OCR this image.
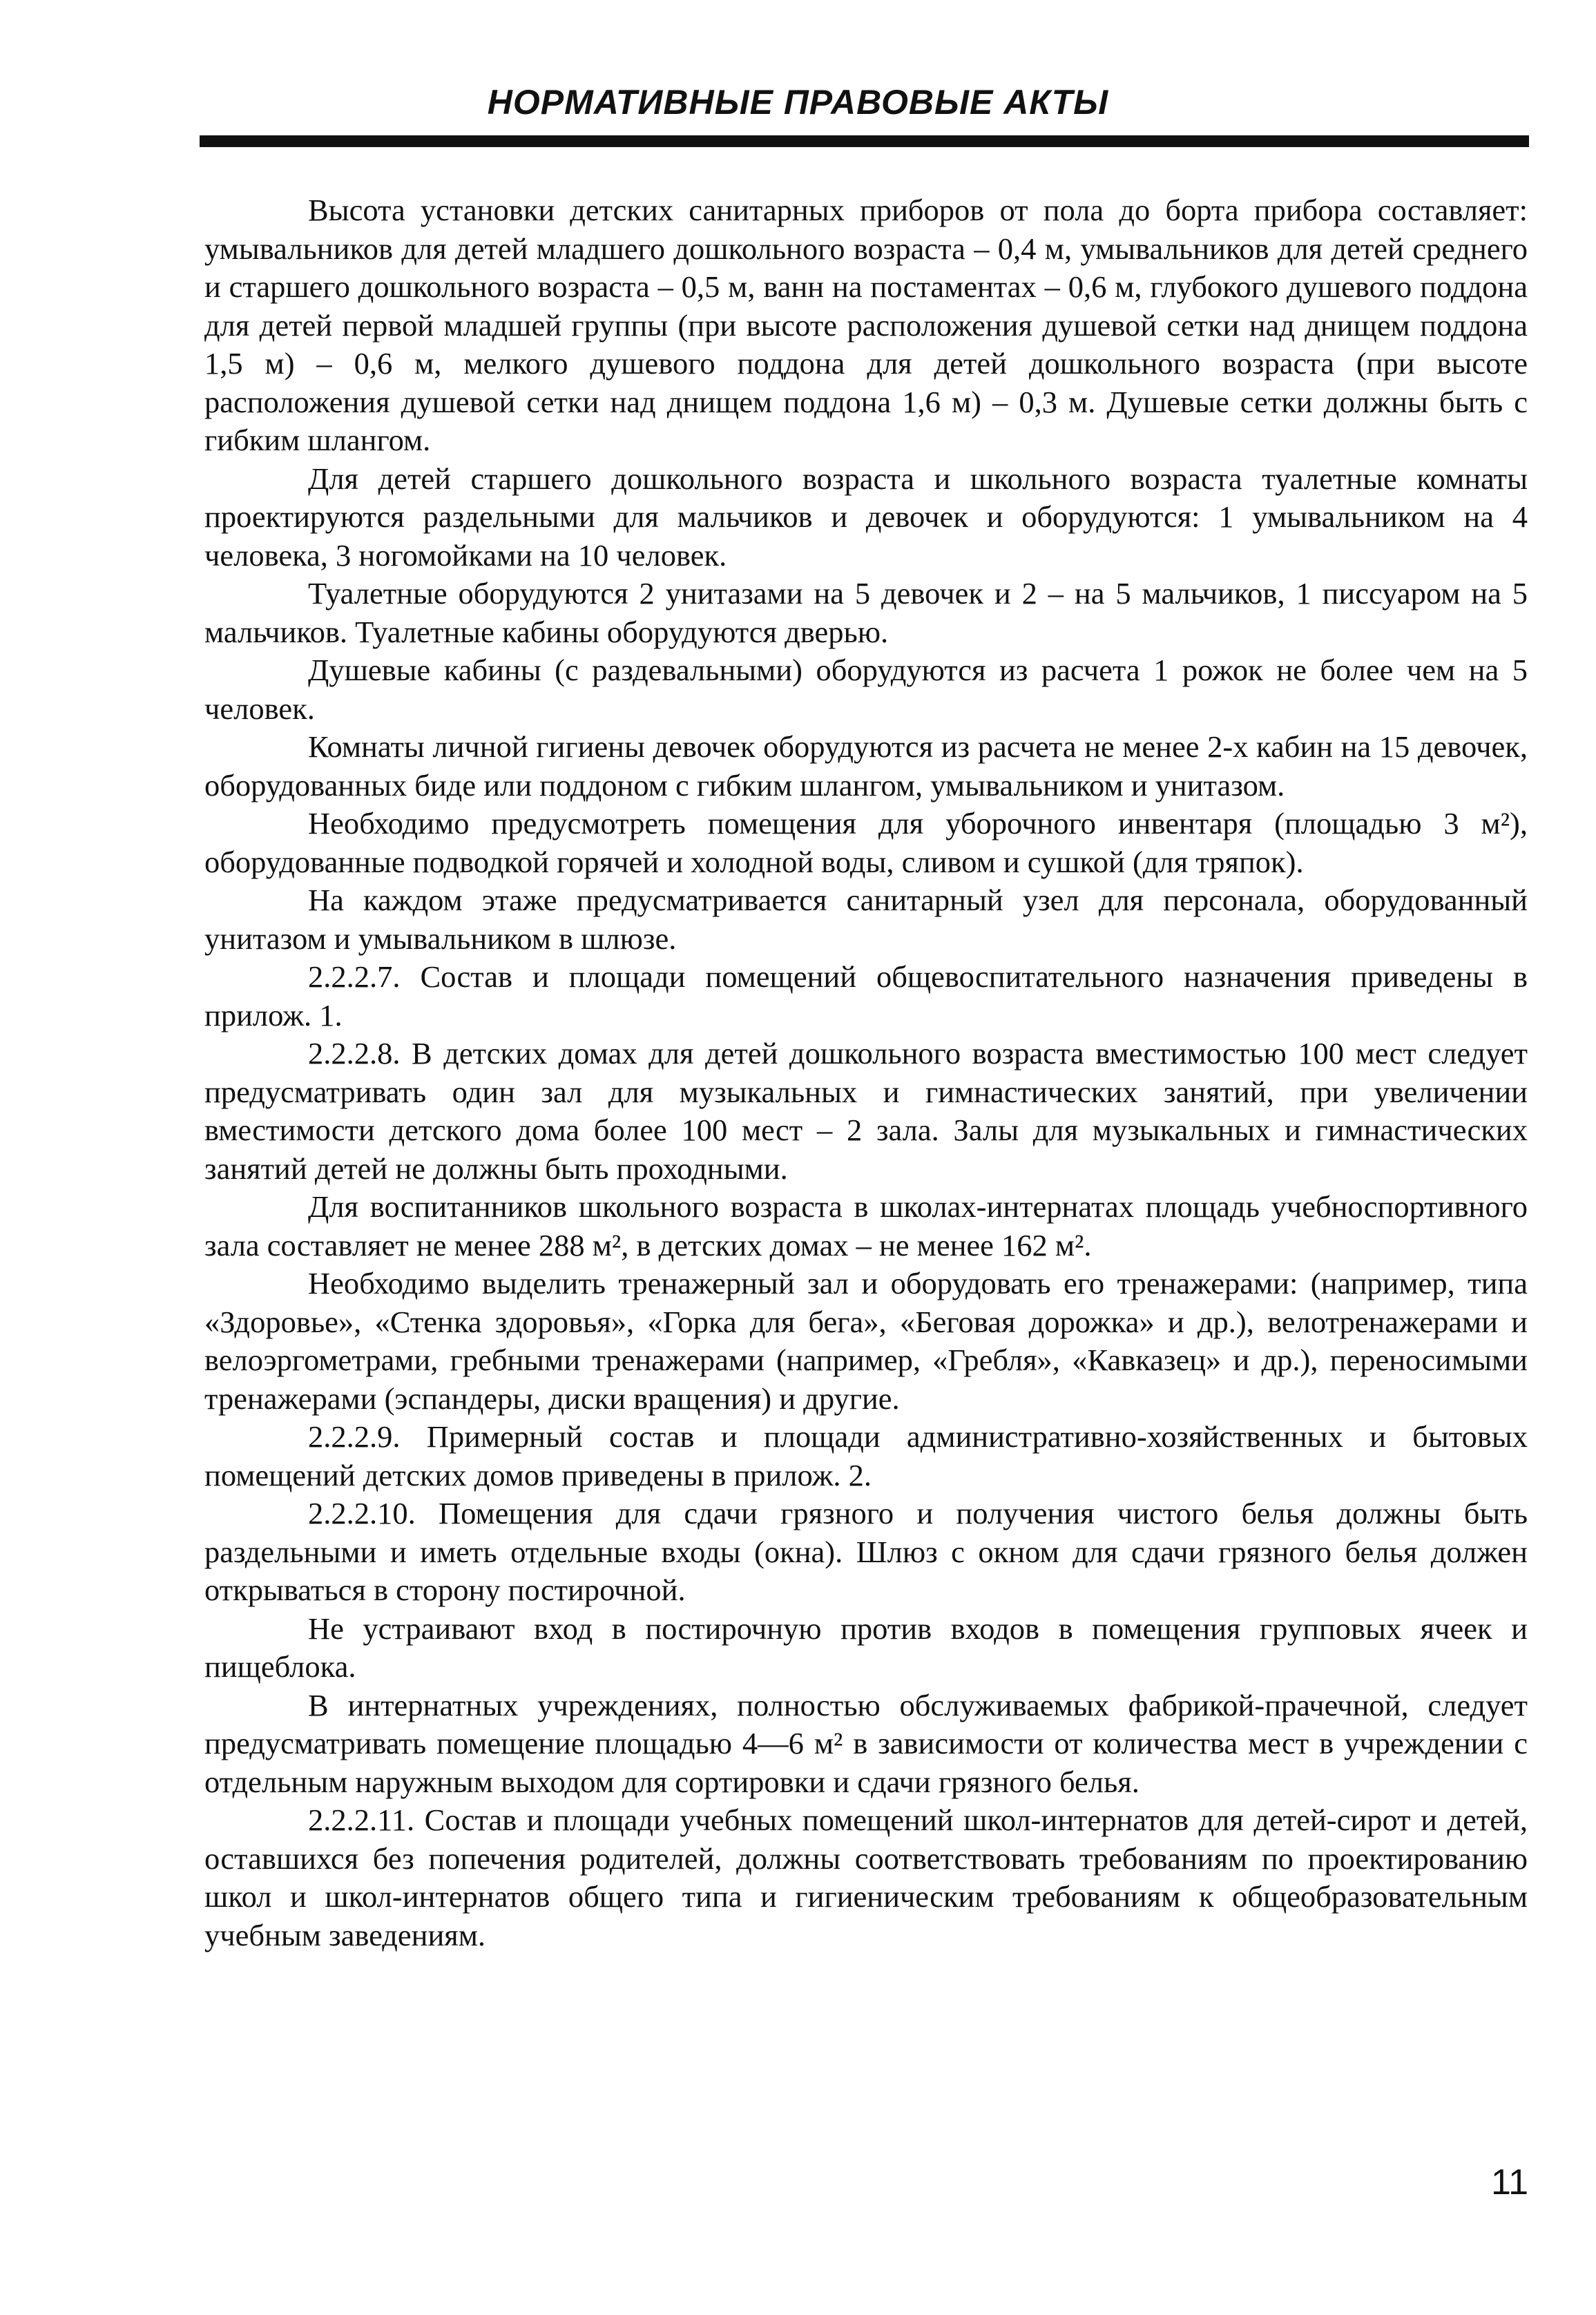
НОРМАТИВНЫЕ ПРАВОВЫЕ АКТЫ

Высота установки детских санитарных приборов от пола до борта прибора составляет: умывальников для детей младшего дошкольного возраста – 0,4 м, умывальников для детей среднего и старшего дошкольного возраста – 0,5 м, ванн на постаментах – 0,6 м, глубокого душевого поддона для детей первой младшей группы (при высоте расположения душевой сетки над днищем поддона 1,5 м) – 0,6 м, мелкого душевого поддона для детей дошкольного возраста (при высоте расположения душевой сетки над днищем поддона 1,6 м) – 0,3 м. Душевые сетки должны быть с гибким шлангом.

Для детей старшего дошкольного возраста и школьного возраста туалетные комнаты проектируются раздельными для мальчиков и девочек и оборудуются: 1 умывальником на 4 человека, 3 ногомойками на 10 человек.

Туалетные оборудуются 2 унитазами на 5 девочек и 2 – на 5 мальчиков, 1 писсуаром на 5 мальчиков. Туалетные кабины оборудуются дверью.

Душевые кабины (с раздевальными) оборудуются из расчета 1 рожок не более чем на 5 человек.

Комнаты личной гигиены девочек оборудуются из расчета не менее 2-х кабин на 15 девочек, оборудованных биде или поддоном с гибким шлангом, умывальником и унитазом.

Необходимо предусмотреть помещения для уборочного инвентаря (площадью 3 м²), оборудованные подводкой горячей и холодной воды, сливом и сушкой (для тряпок).

На каждом этаже предусматривается санитарный узел для персонала, оборудованный унитазом и умывальником в шлюзе.

2.2.2.7. Состав и площади помещений общевоспитательного назначения приведены в прилож. 1.

2.2.2.8. В детских домах для детей дошкольного возраста вместимостью 100 мест следует предусматривать один зал для музыкальных и гимнастических занятий, при увеличении вместимости детского дома более 100 мест – 2 зала. Залы для музыкальных и гимнастических занятий детей не должны быть проходными.

Для воспитанников школьного возраста в школах-интернатах площадь учебноспортивного зала составляет не менее 288 м², в детских домах – не менее 162 м².

Необходимо выделить тренажерный зал и оборудовать его тренажерами: (например, типа «Здоровье», «Стенка здоровья», «Горка для бега», «Беговая дорожка» и др.), велотренажерами и велоэргометрами, гребными тренажерами (например, «Гребля», «Кавказец» и др.), переносимыми тренажерами (эспандеры, диски вращения) и другие.

2.2.2.9. Примерный состав и площади административно-хозяйственных и бытовых помещений детских домов приведены в прилож. 2.

2.2.2.10. Помещения для сдачи грязного и получения чистого белья должны быть раздельными и иметь отдельные входы (окна). Шлюз с окном для сдачи грязного белья должен открываться в сторону постирочной.

Не устраивают вход в постирочную против входов в помещения групповых ячеек и пищеблока.

В интернатных учреждениях, полностью обслуживаемых фабрикой-прачечной, следует предусматривать помещение площадью 4—6 м² в зависимости от количества мест в учреждении с отдельным наружным выходом для сортировки и сдачи грязного белья.

2.2.2.11. Состав и площади учебных помещений школ-интернатов для детей-сирот и детей, оставшихся без попечения родителей, должны соответствовать требованиям по проектированию школ и школ-интернатов общего типа и гигиеническим требованиям к общеобразовательным учебным заведениям.

11
